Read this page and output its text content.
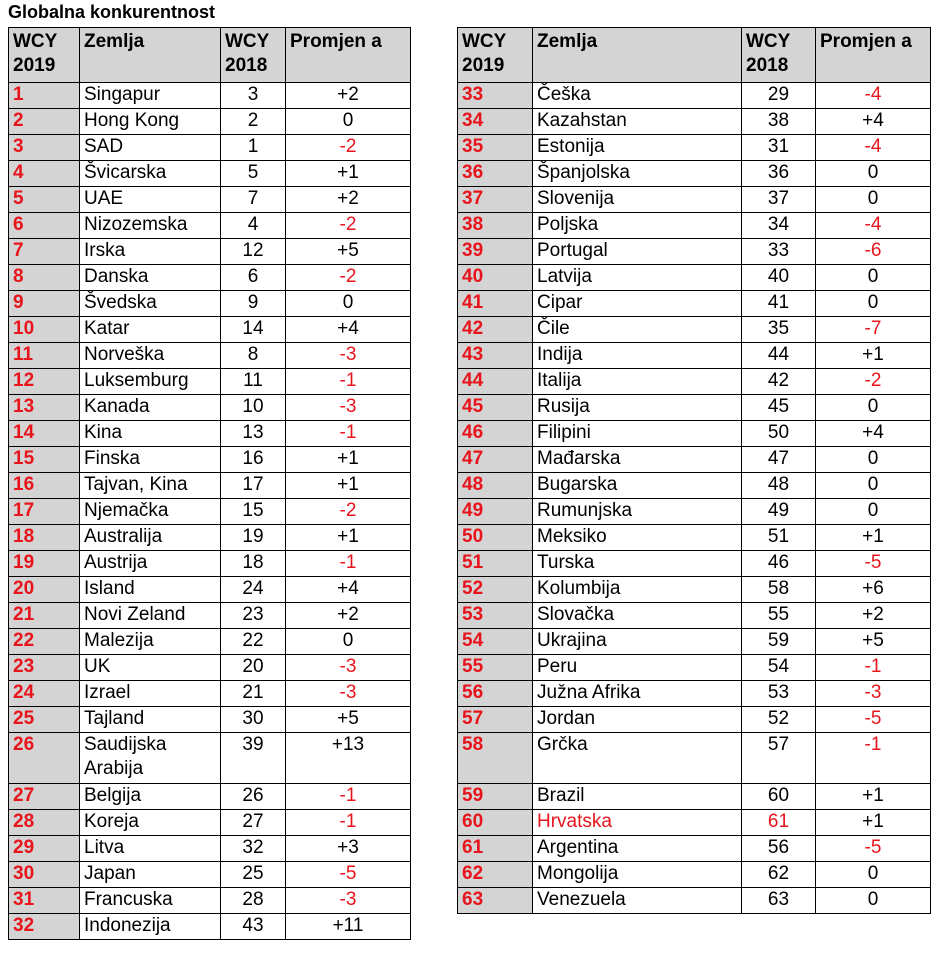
Globalna konkurentnost
WCY 2019	Zemlja	WCY 2018	Promjen a
1	Singapur	3	+2
2	Hong Kong	2	0
3	SAD	1	-2
4	Švicarska	5	+1
5	UAE	7	+2
6	Nizozemska	4	-2
7	Irska	12	+5
8	Danska	6	-2
9	Švedska	9	0
10	Katar	14	+4
11	Norveška	8	-3
12	Luksemburg	11	-1
13	Kanada	10	-3
14	Kina	13	-1
15	Finska	16	+1
16	Tajvan, Kina	17	+1
17	Njemačka	15	-2
18	Australija	19	+1
19	Austrija	18	-1
20	Island	24	+4
21	Novi Zeland	23	+2
22	Malezija	22	0
23	UK	20	-3
24	Izrael	21	-3
25	Tajland	30	+5
26	Saudijska Arabija	39	+13
27	Belgija	26	-1
28	Koreja	27	-1
29	Litva	32	+3
30	Japan	25	-5
31	Francuska	28	-3
32	Indonezija	43	+11
WCY 2019	Zemlja	WCY 2018	Promjen a
33	Češka	29	-4
34	Kazahstan	38	+4
35	Estonija	31	-4
36	Španjolska	36	0
37	Slovenija	37	0
38	Poljska	34	-4
39	Portugal	33	-6
40	Latvija	40	0
41	Cipar	41	0
42	Čile	35	-7
43	Indija	44	+1
44	Italija	42	-2
45	Rusija	45	0
46	Filipini	50	+4
47	Mađarska	47	0
48	Bugarska	48	0
49	Rumunjska	49	0
50	Meksiko	51	+1
51	Turska	46	-5
52	Kolumbija	58	+6
53	Slovačka	55	+2
54	Ukrajina	59	+5
55	Peru	54	-1
56	Južna Afrika	53	-3
57	Jordan	52	-5
58	Grčka	57	-1
59	Brazil	60	+1
60	Hrvatska	61	+1
61	Argentina	56	-5
62	Mongolija	62	0
63	Venezuela	63	0
